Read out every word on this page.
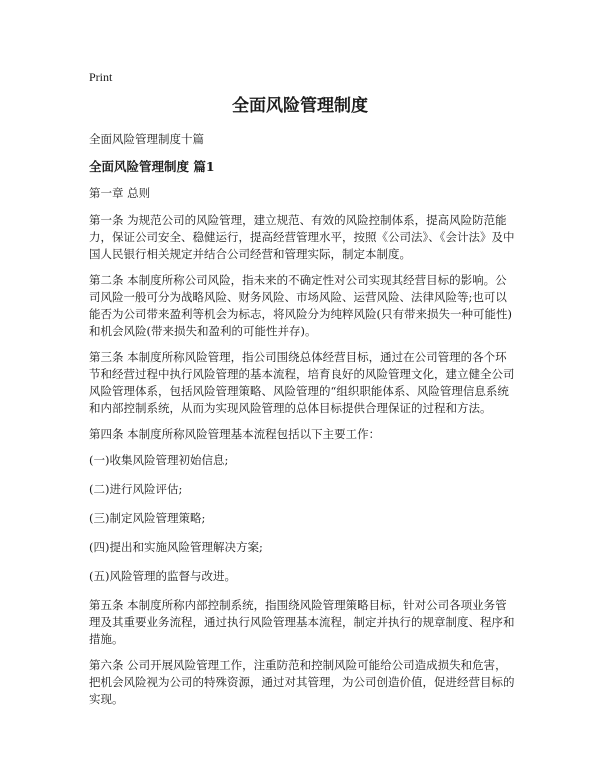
Print
全面风险管理制度

全面风险管理制度十篇

全面风险管理制度 篇1

第一章 总则

第一条 为规范公司的风险管理，建立规范、有效的风险控制体系，提高风险防范能力，保证公司安全、稳健运行，提高经营管理水平，按照《公司法》、《会计法》及中国人民银行相关规定并结合公司经营和管理实际，制定本制度。

第二条 本制度所称公司风险，指未来的不确定性对公司实现其经营目标的影响。公司风险一般可分为战略风险、财务风险、市场风险、运营风险、法律风险等;也可以能否为公司带来盈利等机会为标志，将风险分为纯粹风险(只有带来损失一种可能性)和机会风险(带来损失和盈利的可能性并存)。

第三条 本制度所称风险管理，指公司围绕总体经营目标，通过在公司管理的各个环节和经营过程中执行风险管理的基本流程，培育良好的风险管理文化，建立健全公司风险管理体系，包括风险管理策略、风险管理的“组织职能体系、风险管理信息系统和内部控制系统，从而为实现风险管理的总体目标提供合理保证的过程和方法。

第四条 本制度所称风险管理基本流程包括以下主要工作：

(一)收集风险管理初始信息;

(二)进行风险评估;

(三)制定风险管理策略;

(四)提出和实施风险管理解决方案;

(五)风险管理的监督与改进。

第五条 本制度所称内部控制系统，指围绕风险管理策略目标，针对公司各项业务管理及其重要业务流程，通过执行风险管理基本流程，制定并执行的规章制度、程序和措施。

第六条 公司开展风险管理工作，注重防范和控制风险可能给公司造成损失和危害，把机会风险视为公司的特殊资源，通过对其管理，为公司创造价值，促进经营目标的实现。
